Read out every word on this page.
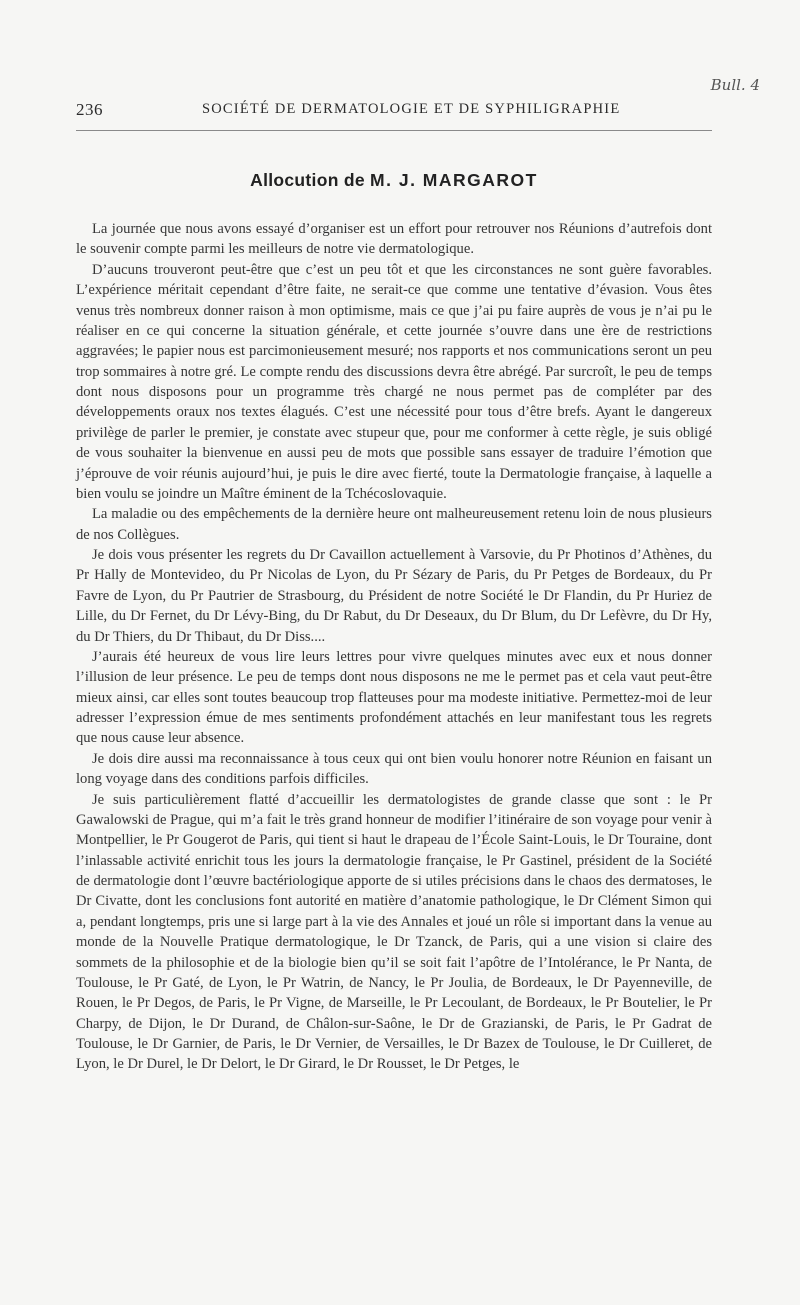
Bull. 4
236	SOCIÉTÉ DE DERMATOLOGIE ET DE SYPHILIGRAPHIE
Allocution de M. J. MARGAROT

La journée que nous avons essayé d’organiser est un effort pour retrouver nos Réunions d’autrefois dont le souvenir compte parmi les meilleurs de notre vie dermatologique.

D’aucuns trouveront peut-être que c’est un peu tôt et que les circonstances ne sont guère favorables. L’expérience méritait cependant d’être faite, ne serait-ce que comme une tentative d’évasion. Vous êtes venus très nombreux donner raison à mon optimisme, mais ce que j’ai pu faire auprès de vous je n’ai pu le réaliser en ce qui concerne la situation générale, et cette journée s’ouvre dans une ère de restrictions aggravées; le papier nous est parcimonieusement mesuré; nos rapports et nos communications seront un peu trop sommaires à notre gré. Le compte rendu des discussions devra être abrégé. Par surcroît, le peu de temps dont nous disposons pour un programme très chargé ne nous permet pas de compléter par des développements oraux nos textes élagués. C’est une nécessité pour tous d’être brefs. Ayant le dangereux privilège de parler le premier, je constate avec stupeur que, pour me conformer à cette règle, je suis obligé de vous souhaiter la bienvenue en aussi peu de mots que possible sans essayer de traduire l’émotion que j’éprouve de voir réunis aujourd’hui, je puis le dire avec fierté, toute la Dermatologie française, à laquelle a bien voulu se joindre un Maître éminent de la Tchécoslovaquie.

La maladie ou des empêchements de la dernière heure ont malheureusement retenu loin de nous plusieurs de nos Collègues.

Je dois vous présenter les regrets du Dr Cavaillon actuellement à Varsovie, du Pr Photinos d’Athènes, du Pr Hally de Montevideo, du Pr Nicolas de Lyon, du Pr Sézary de Paris, du Pr Petges de Bordeaux, du Pr Favre de Lyon, du Pr Pautrier de Strasbourg, du Président de notre Société le Dr Flandin, du Pr Huriez de Lille, du Dr Fernet, du Dr Lévy-Bing, du Dr Rabut, du Dr Deseaux, du Dr Blum, du Dr Lefèvre, du Dr Hy, du Dr Thiers, du Dr Thibaut, du Dr Diss....

J’aurais été heureux de vous lire leurs lettres pour vivre quelques minutes avec eux et nous donner l’illusion de leur présence. Le peu de temps dont nous disposons ne me le permet pas et cela vaut peut-être mieux ainsi, car elles sont toutes beaucoup trop flatteuses pour ma modeste initiative. Permettez-moi de leur adresser l’expression émue de mes sentiments profondément attachés en leur manifestant tous les regrets que nous cause leur absence.

Je dois dire aussi ma reconnaissance à tous ceux qui ont bien voulu honorer notre Réunion en faisant un long voyage dans des conditions parfois difficiles.

Je suis particulièrement flatté d’accueillir les dermatologistes de grande classe que sont : le Pr Gawalowski de Prague, qui m’a fait le très grand honneur de modifier l’itinéraire de son voyage pour venir à Montpellier, le Pr Gougerot de Paris, qui tient si haut le drapeau de l’École Saint-Louis, le Dr Touraine, dont l’inlassable activité enrichit tous les jours la dermatologie française, le Pr Gastinel, président de la Société de dermatologie dont l’œuvre bactériologique apporte de si utiles précisions dans le chaos des dermatoses, le Dr Civatte, dont les conclusions font autorité en matière d’anatomie pathologique, le Dr Clément Simon qui a, pendant longtemps, pris une si large part à la vie des Annales et joué un rôle si important dans la venue au monde de la Nouvelle Pratique dermatologique, le Dr Tzanck, de Paris, qui a une vision si claire des sommets de la philosophie et de la biologie bien qu’il se soit fait l’apôtre de l’Intolérance, le Pr Nanta, de Toulouse, le Pr Gaté, de Lyon, le Pr Watrin, de Nancy, le Pr Joulia, de Bordeaux, le Dr Payenneville, de Rouen, le Pr Degos, de Paris, le Pr Vigne, de Marseille, le Pr Lecoulant, de Bordeaux, le Pr Boutelier, le Pr Charpy, de Dijon, le Dr Durand, de Châlon-sur-Saône, le Dr de Grazianski, de Paris, le Pr Gadrat de Toulouse, le Dr Garnier, de Paris, le Dr Vernier, de Versailles, le Dr Bazex de Toulouse, le Dr Cuilleret, de Lyon, le Dr Durel, le Dr Delort, le Dr Girard, le Dr Rousset, le Dr Petges, le
